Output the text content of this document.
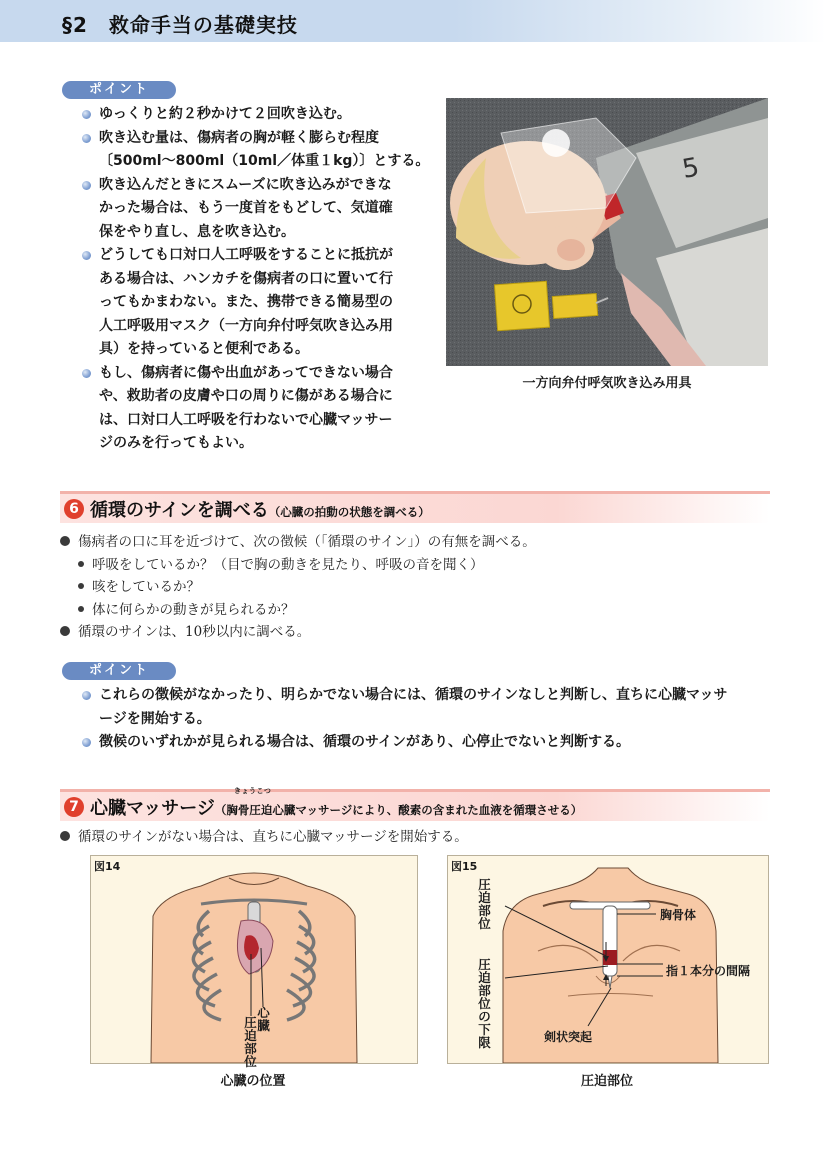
§2　救命手当の基礎実技
ポイント
ゆっくりと約２秒かけて２回吹き込む。
吹き込む量は、傷病者の胸が軽く膨らむ程度
〔500ml〜800ml（10ml／体重１kg）〕とする。
吹き込んだときにスムーズに吹き込みができな
かった場合は、もう一度首をもどして、気道確
保をやり直し、息を吹き込む。
どうしても口対口人工呼吸をすることに抵抗が
ある場合は、ハンカチを傷病者の口に置いて行
ってもかまわない。また、携帯できる簡易型の
人工呼吸用マスク（一方向弁付呼気吹き込み用
具）を持っていると便利である。
もし、傷病者に傷や出血があってできない場合
や、救助者の皮膚や口の周りに傷がある場合に
は、口対口人工呼吸を行わないで心臓マッサー
ジのみを行ってもよい。
5
一方向弁付呼気吹き込み用具
6 循環のサインを調べる（心臓の拍動の状態を調べる）
傷病者の口に耳を近づけて、次の徴候（「循環のサイン」）の有無を調べる。
呼吸をしているか？（目で胸の動きを見たり、呼吸の音を聞く）
咳をしているか？
体に何らかの動きが見られるか？
循環のサインは、10秒以内に調べる。
ポイント
これらの徴候がなかったり、明らかでない場合には、循環のサインなしと判断し、直ちに心臓マッサ
ージを開始する。
徴候のいずれかが見られる場合は、循環のサインがあり、心停止でないと判断する。
7
きょうこつ
心臓マッサージ（胸骨圧迫心臓マッサージにより、酸素の含まれた血液を循環させる）
循環のサインがない場合は、直ちに心臓マッサージを開始する。
図14
圧迫部位
心臓
心臓の位置
図15
圧迫部位
圧迫部位の下限
胸骨体
指１本分の間隔
剣状突起
圧迫部位
